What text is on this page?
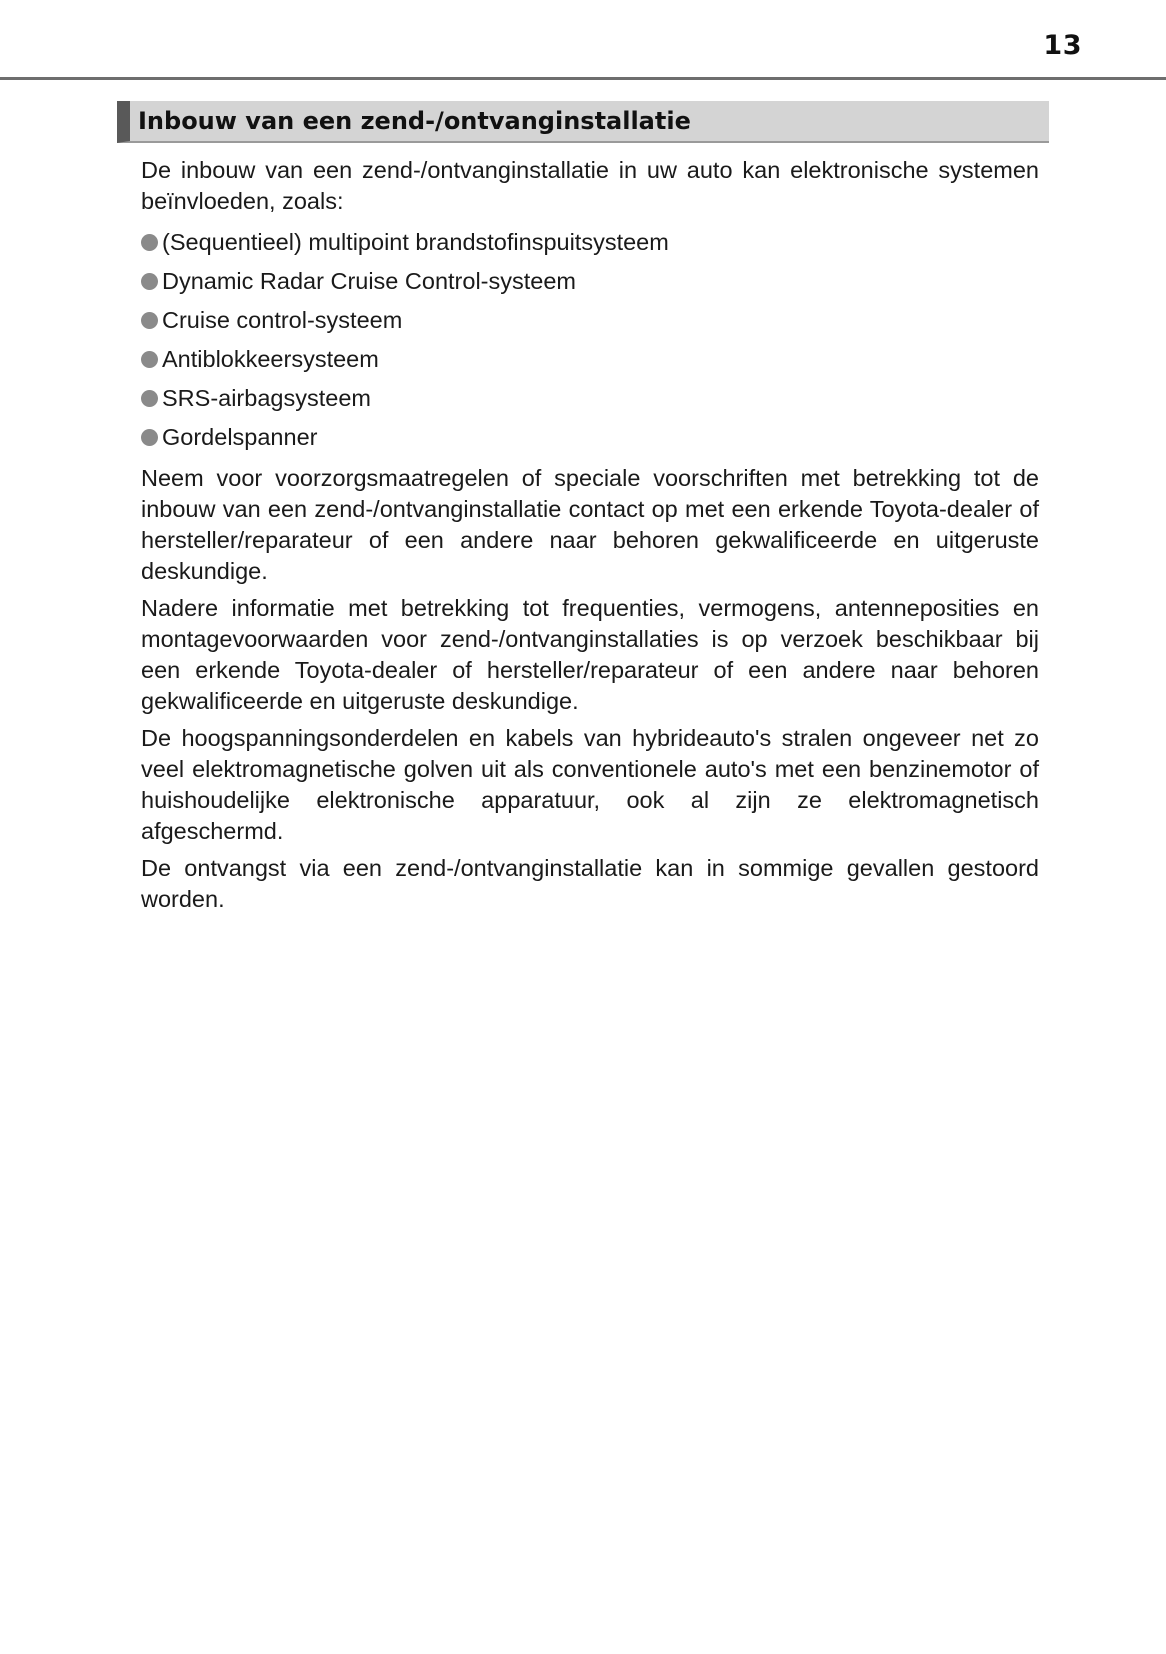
13
Inbouw van een zend-/ontvanginstallatie

De inbouw van een zend-/ontvanginstallatie in uw auto kan elektronische systemen beïnvloeden, zoals:

(Sequentieel) multipoint brandstofinspuitsysteem
Dynamic Radar Cruise Control-systeem
Cruise control-systeem
Antiblokkeersysteem
SRS-airbagsysteem
Gordelspanner

Neem voor voorzorgsmaatregelen of speciale voorschriften met betrekking tot de inbouw van een zend-/ontvanginstallatie contact op met een erkende Toyota-dealer of hersteller/reparateur of een andere naar behoren gekwalificeerde en uitgeruste deskundige.

Nadere informatie met betrekking tot frequenties, vermogens, antenneposities en montagevoorwaarden voor zend-/ontvanginstallaties is op verzoek beschikbaar bij een erkende Toyota-dealer of hersteller/reparateur of een andere naar behoren gekwalificeerde en uitgeruste deskundige.

De hoogspanningsonderdelen en kabels van hybrideauto's stralen ongeveer net zo veel elektromagnetische golven uit als conventionele auto's met een benzinemotor of huishoudelijke elektronische apparatuur, ook al zijn ze elektromagnetisch afgeschermd.

De ontvangst via een zend-/ontvanginstallatie kan in sommige gevallen gestoord worden.
